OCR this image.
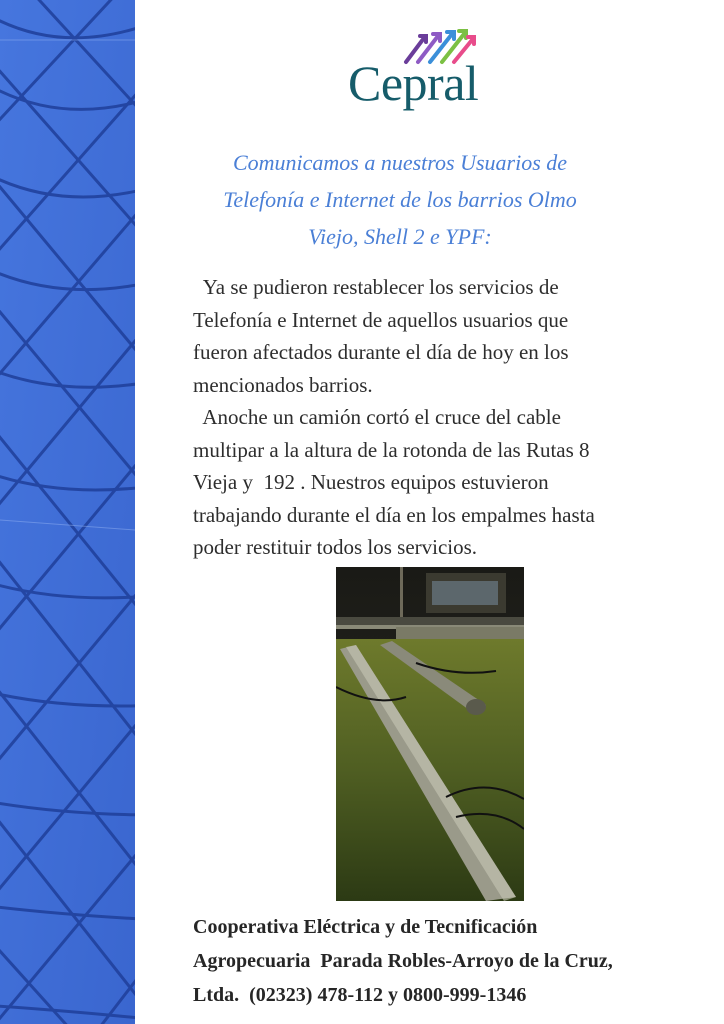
Cepral
Comunicamos a nuestros Usuarios de
Telefonía e Internet de los barrios Olmo
Viejo, Shell 2 e YPF:
Ya se pudieron restablecer los servicios de
Telefonía e Internet de aquellos usuarios que
fueron afectados durante el día de hoy en los
mencionados barrios.
Anoche un camión cortó el cruce del cable
multipar a la altura de la rotonda de las Rutas 8
Vieja y  192 . Nuestros equipos estuvieron
trabajando durante el día en los empalmes hasta
poder restituir todos los servicios.
Cooperativa Eléctrica y de Tecnificación
Agropecuaria  Parada Robles-Arroyo de la Cruz,
Ltda.  (02323) 478-112 y 0800-999-1346
